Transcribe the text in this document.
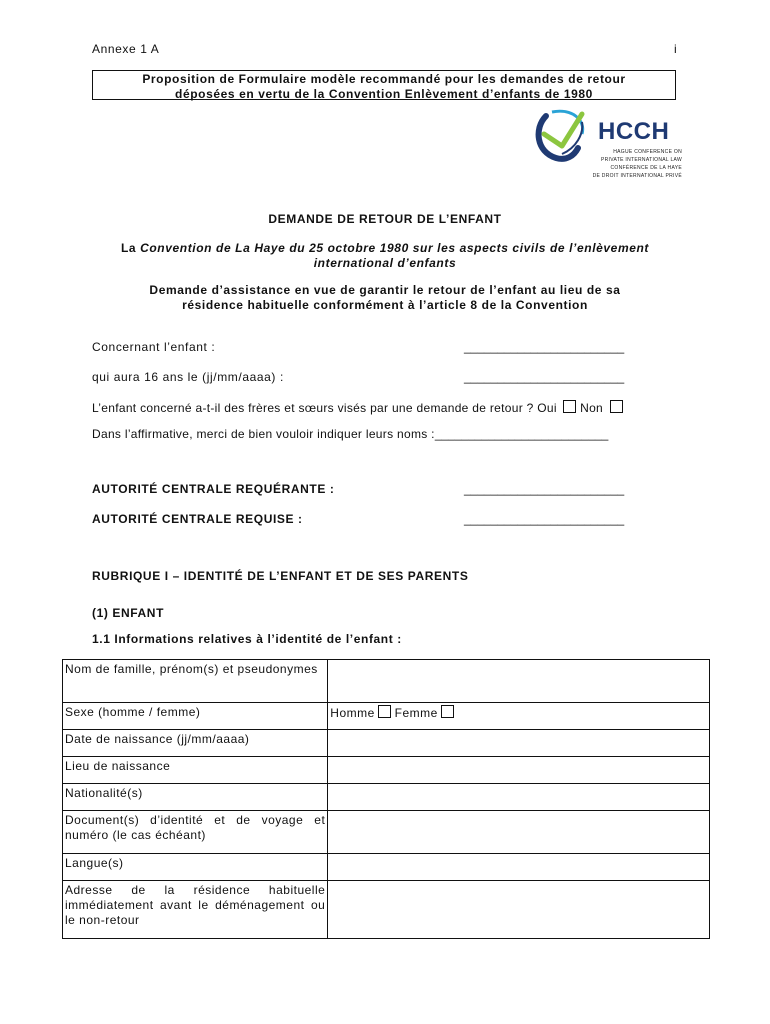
Annexe 1 A	i
Proposition de Formulaire modèle recommandé pour les demandes de retour
déposées en vertu de la Convention Enlèvement d’enfants de 1980
HCCH
HAGUE CONFERENCE ON
PRIVATE INTERNATIONAL LAW
CONFÉRENCE DE LA HAYE
DE DROIT INTERNATIONAL PRIVÉ
DEMANDE DE RETOUR DE L’ENFANT
La Convention de La Haye du 25 octobre 1980 sur les aspects civils de l’enlèvement
international d’enfants
Demande d’assistance en vue de garantir le retour de l’enfant au lieu de sa
résidence habituelle conformément à l’article 8 de la Convention
Concernant l’enfant :	________________________
qui aura 16 ans le (jj/mm/aaaa) :	________________________
L’enfant concerné a-t-il des frères et sœurs visés par une demande de retour ? Oui Non
Dans l’affirmative, merci de bien vouloir indiquer leurs noms :__________________________
AUTORITÉ CENTRALE REQUÉRANTE :	________________________
AUTORITÉ CENTRALE REQUISE :	________________________
RUBRIQUE I – IDENTITÉ DE L’ENFANT ET DE SES PARENTS
(1) ENFANT
1.1 Informations relatives à l’identité de l’enfant :
Nom de famille, prénom(s) et pseudonymes	
Sexe (homme / femme)	Homme Femme
Date de naissance (jj/mm/aaaa)	
Lieu de naissance	
Nationalité(s)	
Document(s) d’identité et de voyage et numéro (le cas échéant)	
Langue(s)	
Adresse de la résidence habituelle immédiatement avant le déménagement ou le non-retour	
